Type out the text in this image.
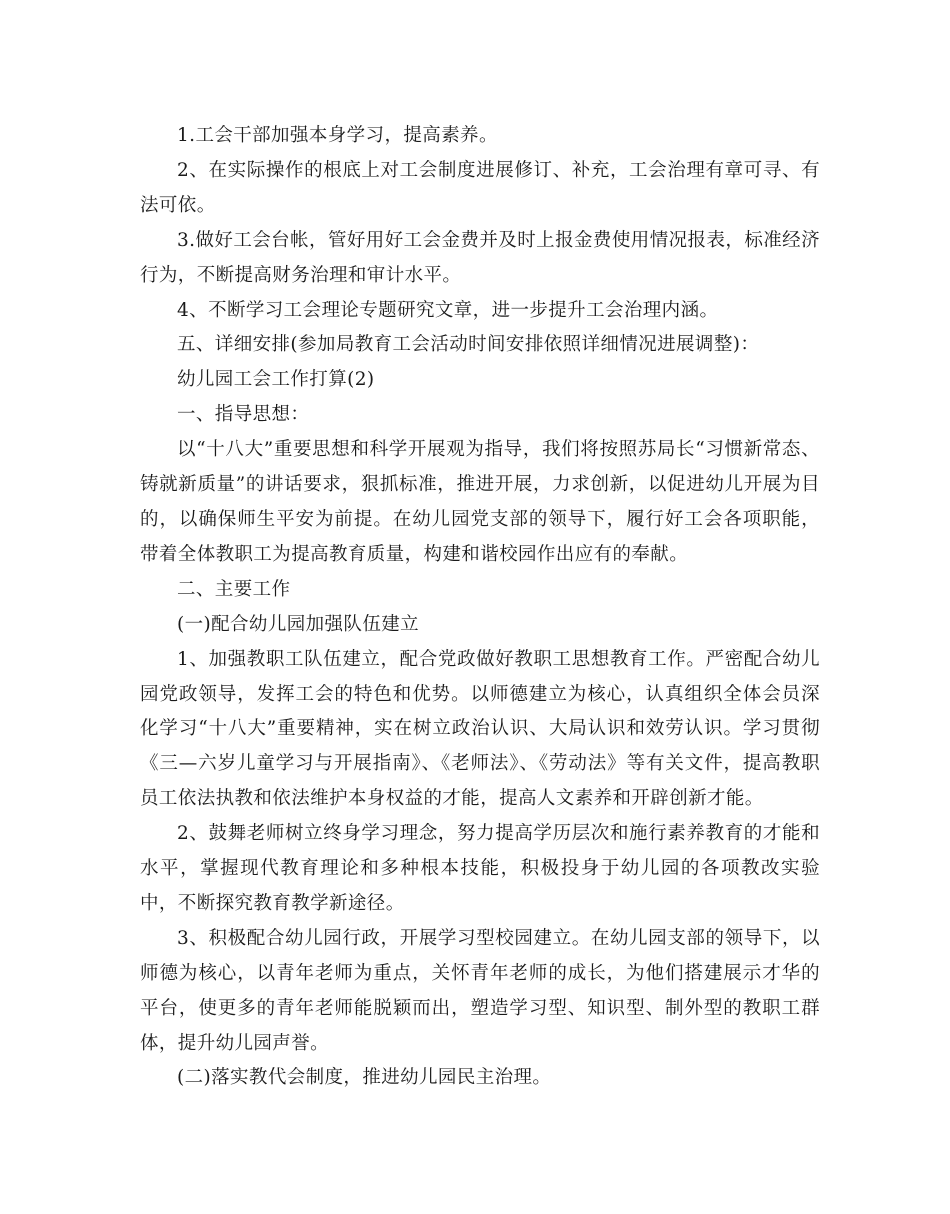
1.工会干部加强本身学习，提高素养。

2、在实际操作的根底上对工会制度进展修订、补充，工会治理有章可寻、有法可依。

3.做好工会台帐，管好用好工会金费并及时上报金费使用情况报表，标准经济行为，不断提高财务治理和审计水平。

4、不断学习工会理论专题研究文章，进一步提升工会治理内涵。

五、详细安排(参加局教育工会活动时间安排依照详细情况进展调整)：

幼儿园工会工作打算(2)

一、指导思想：

以“十八大”重要思想和科学开展观为指导，我们将按照苏局长“习惯新常态、铸就新质量”的讲话要求，狠抓标准，推进开展，力求创新，以促进幼儿开展为目的，以确保师生平安为前提。在幼儿园党支部的领导下，履行好工会各项职能，带着全体教职工为提高教育质量，构建和谐校园作出应有的奉献。

二、主要工作

(一)配合幼儿园加强队伍建立

1、加强教职工队伍建立，配合党政做好教职工思想教育工作。严密配合幼儿园党政领导，发挥工会的特色和优势。以师德建立为核心，认真组织全体会员深化学习“十八大”重要精神，实在树立政治认识、大局认识和效劳认识。学习贯彻《三—六岁儿童学习与开展指南》、《老师法》、《劳动法》等有关文件，提高教职员工依法执教和依法维护本身权益的才能，提高人文素养和开辟创新才能。

2、鼓舞老师树立终身学习理念，努力提高学历层次和施行素养教育的才能和水平，掌握现代教育理论和多种根本技能，积极投身于幼儿园的各项教改实验中，不断探究教育教学新途径。

3、积极配合幼儿园行政，开展学习型校园建立。在幼儿园支部的领导下，以师德为核心，以青年老师为重点，关怀青年老师的成长，为他们搭建展示才华的平台，使更多的青年老师能脱颖而出，塑造学习型、知识型、制外型的教职工群体，提升幼儿园声誉。

(二)落实教代会制度，推进幼儿园民主治理。
